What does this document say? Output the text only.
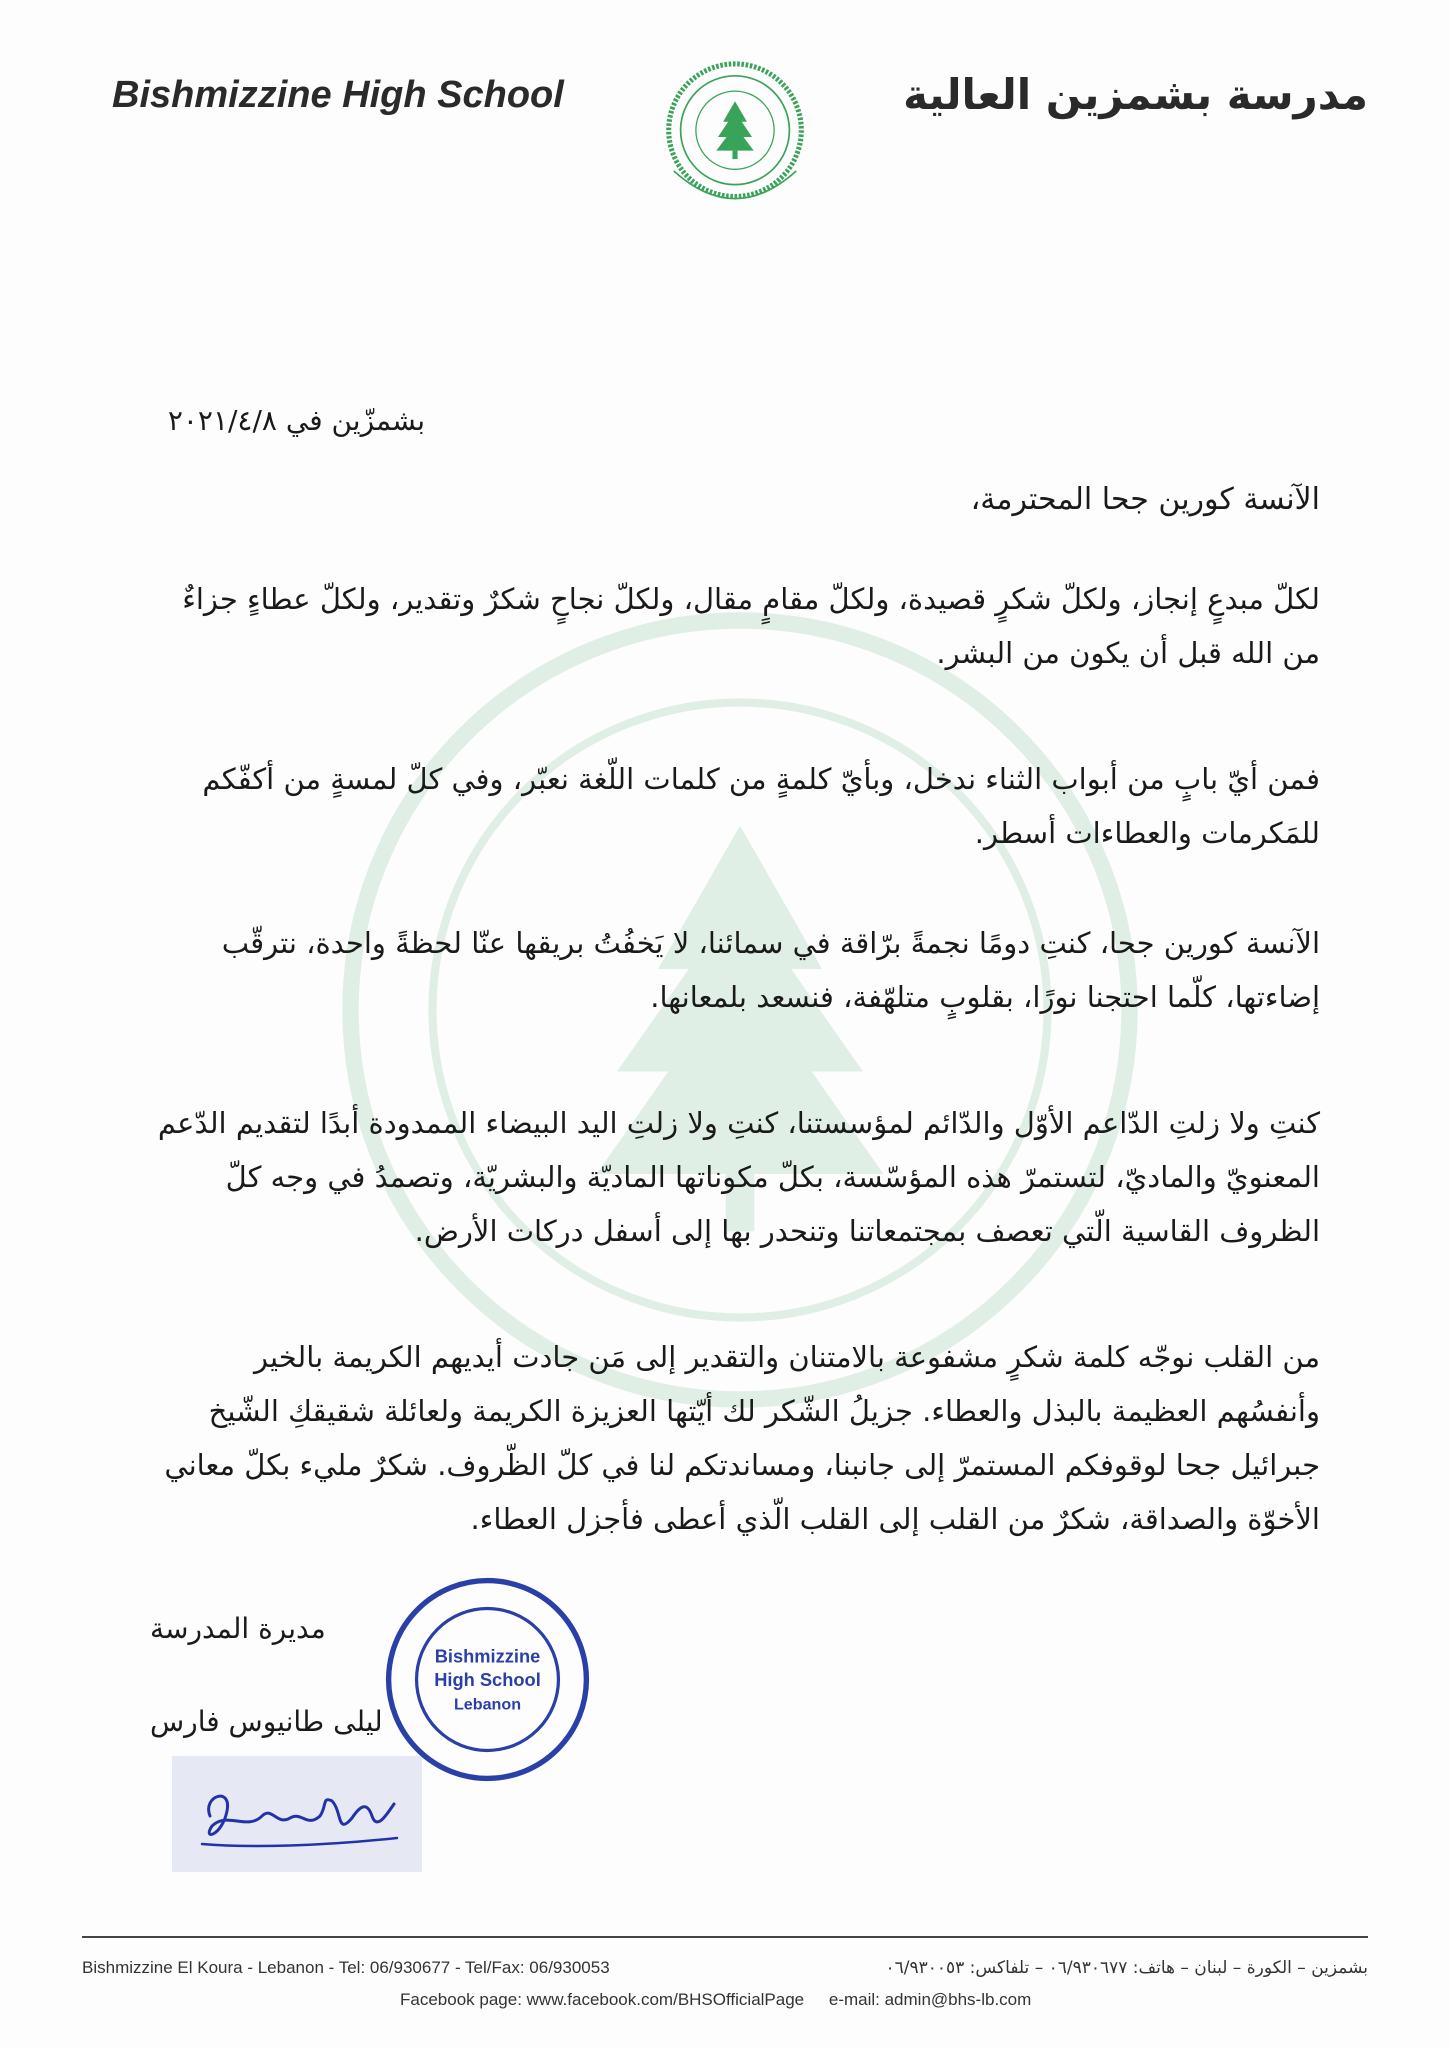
Bishmizzine High School	مدرسة بشمزين العالية
بشمزّين في ٢٠٢١/٤/٨
الآنسة كورين جحا المحترمة،
لكلّ مبدعٍ إنجاز، ولكلّ شكرٍ قصيدة، ولكلّ مقامٍ مقال، ولكلّ نجاحٍ شكرٌ وتقدير، ولكلّ عطاءٍ جزاءٌ من الله قبل أن يكون من البشر.
فمن أيّ بابٍ من أبواب الثناء ندخل، وبأيّ كلمةٍ من كلمات اللّغة نعبّر، وفي كلّ لمسةٍ من أكفّكم للمَكرمات والعطاءات أسطر.
الآنسة كورين جحا، كنتِ دومًا نجمةً برّاقة في سمائنا، لا يَخفُتُ بريقها عنّا لحظةً واحدة، نترقّب إضاءتها، كلّما احتجنا نورًا، بقلوبٍ متلهّفة، فنسعد بلمعانها.
كنتِ ولا زلتِ الدّاعم الأوّل والدّائم لمؤسستنا، كنتِ ولا زلتِ اليد البيضاء الممدودة أبدًا لتقديم الدّعم المعنويّ والماديّ، لتستمرّ هذه المؤسّسة، بكلّ مكوناتها الماديّة والبشريّة، وتصمدُ في وجه كلّ الظروف القاسية الّتي تعصف بمجتمعاتنا وتنحدر بها إلى أسفل دركات الأرض.
من القلب نوجّه كلمة شكرٍ مشفوعة بالامتنان والتقدير إلى مَن جادت أيديهم الكريمة بالخير وأنفسُهم العظيمة بالبذل والعطاء. جزيلُ الشّكر لك أيّتها العزيزة الكريمة ولعائلة شقيقكِ الشّيخ جبرائيل جحا لوقوفكم المستمرّ إلى جانبنا، ومساندتكم لنا في كلّ الظّروف. شكرٌ مليء بكلّ معاني الأخوّة والصداقة، شكرٌ من القلب إلى القلب الّذي أعطى فأجزل العطاء.
مديرة المدرسة
ليلى طانيوس فارس
Bishmizzine
High School
Lebanon
Bishmizzine El Koura - Lebanon - Tel: 06/930677 - Tel/Fax: 06/930053	بشمزين – الكورة – لبنان – هاتف: ٠٦/٩٣٠٦٧٧ – تلفاكس: ٠٦/٩٣٠٠٥٣
Facebook page: www.facebook.com/BHSOfficialPage e-mail: admin@bhs-lb.com
